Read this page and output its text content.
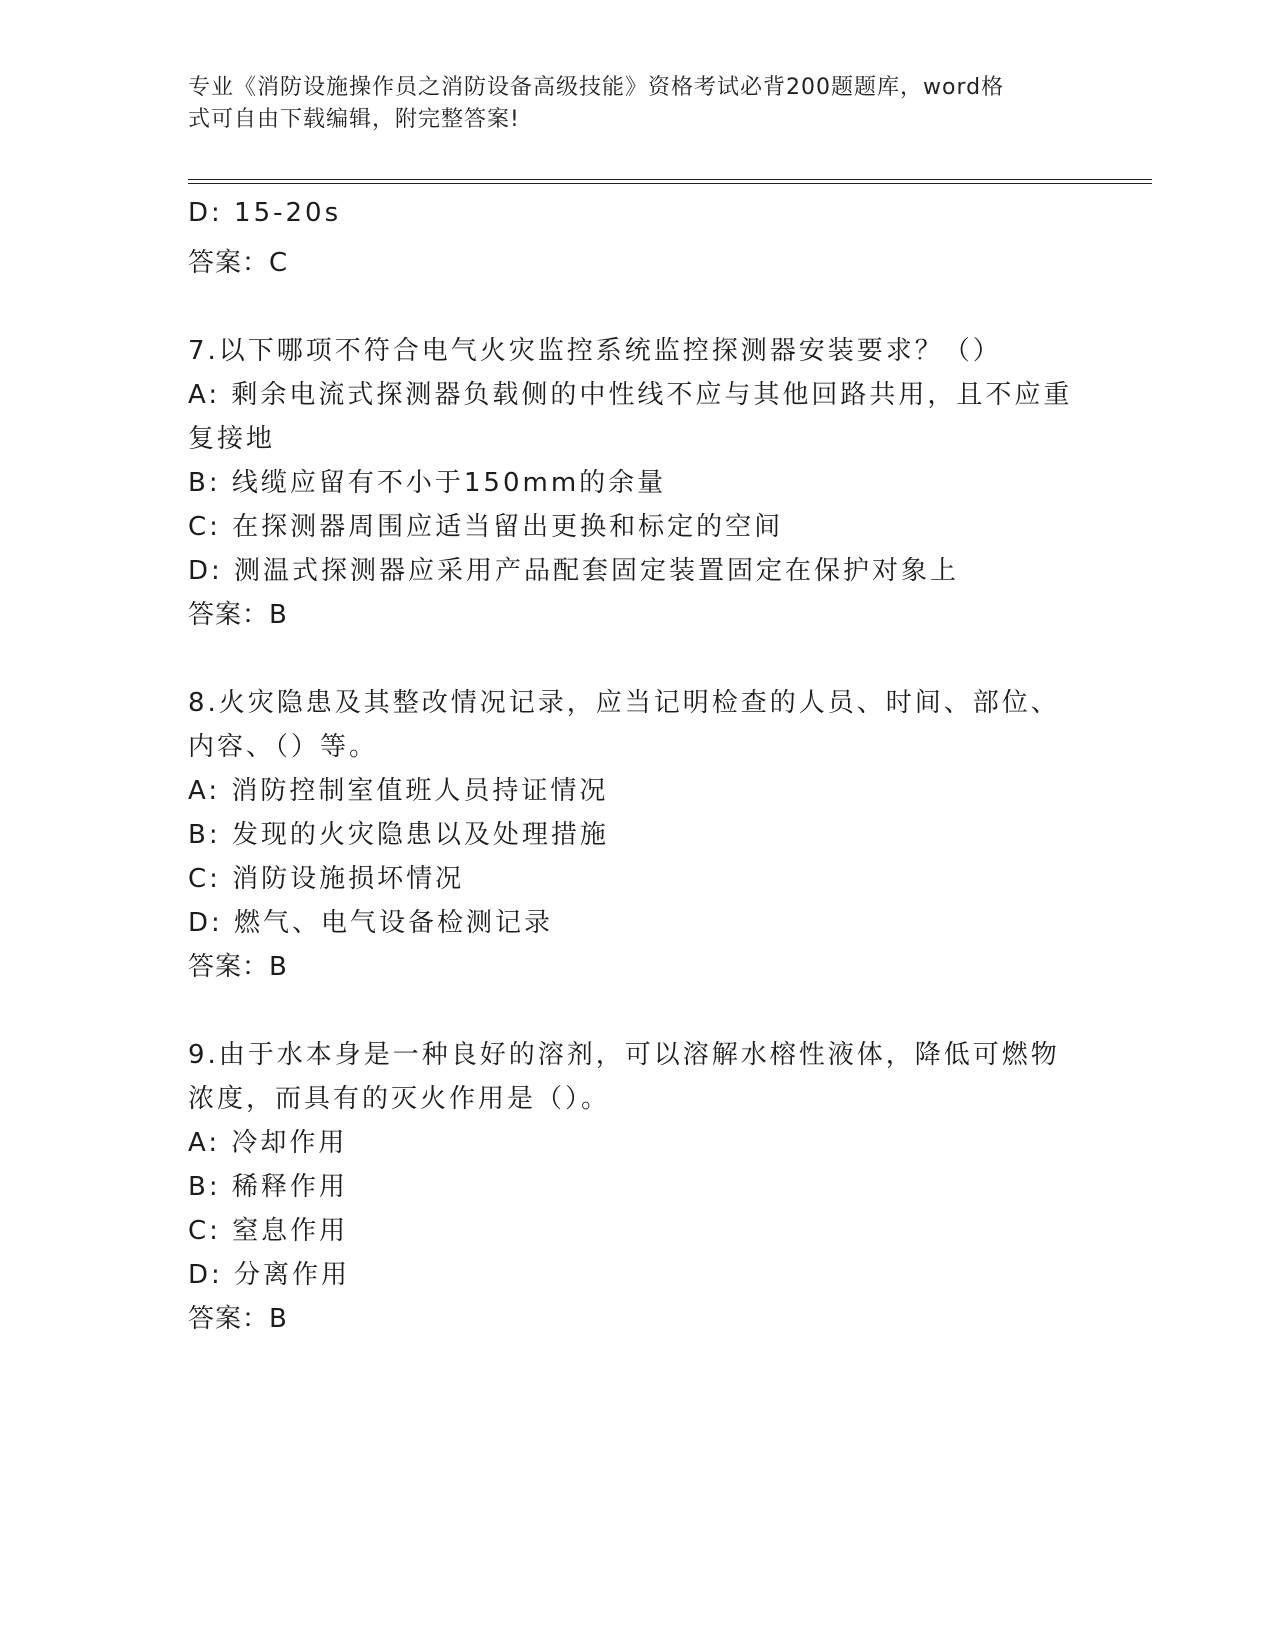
专业《消防设施操作员之消防设备高级技能》资格考试必背200题题库，word格
式可自由下载编辑，附完整答案!
D: 15-20s
答案：C
7.以下哪项不符合电气火灾监控系统监控探测器安装要求？（）
A: 剩余电流式探测器负载侧的中性线不应与其他回路共用，且不应重
复接地
B: 线缆应留有不小于150mm的余量
C: 在探测器周围应适当留出更换和标定的空间
D: 测温式探测器应采用产品配套固定装置固定在保护对象上
答案：B
8.火灾隐患及其整改情况记录，应当记明检查的人员、时间、部位、
内容、（）等。
A: 消防控制室值班人员持证情况
B: 发现的火灾隐患以及处理措施
C: 消防设施损坏情况
D: 燃气、电气设备检测记录
答案：B
9.由于水本身是一种良好的溶剂，可以溶解水榕性液体，降低可燃物
浓度，而具有的灭火作用是（）。
A: 冷却作用
B: 稀释作用
C: 窒息作用
D: 分离作用
答案：B
